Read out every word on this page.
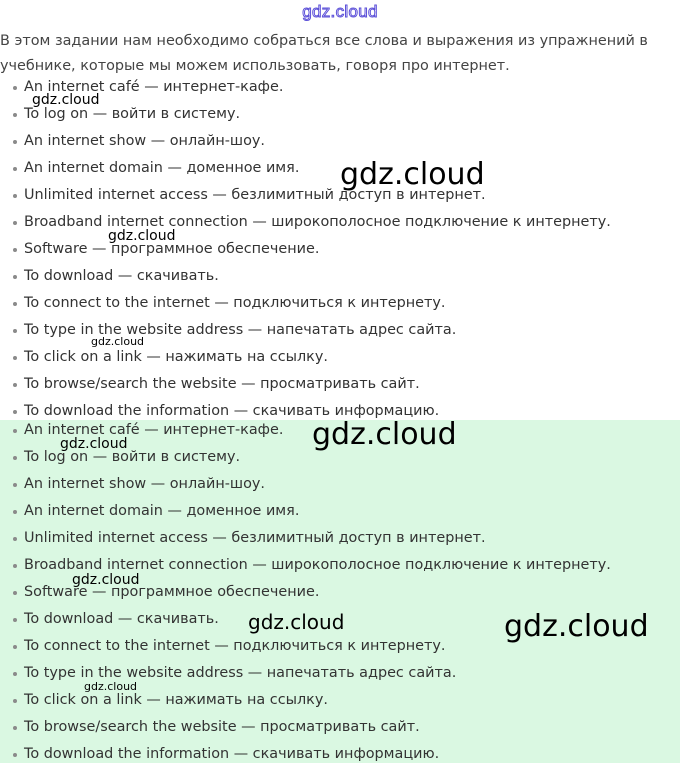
gdz.cloud
В этом задании нам необходимо собраться все слова и выражения из упражнений в учебнике, которые мы можем использовать, говоря про интернет.
An internet café — интернет-кафе.
To log on — войти в систему.
An internet show — онлайн-шоу.
An internet domain — доменное имя.
Unlimited internet access — безлимитный доступ в интернет.
Broadband internet connection — широкополосное подключение к интернету.
Software — программное обеспечение.
To download — скачивать.
To connect to the internet — подключиться к интернету.
To type in the website address — напечатать адрес сайта.
To click on a link — нажимать на ссылку.
To browse/search the website — просматривать сайт.
To download the information — скачивать информацию.
An internet café — интернет-кафе.
To log on — войти в систему.
An internet show — онлайн-шоу.
An internet domain — доменное имя.
Unlimited internet access — безлимитный доступ в интернет.
Broadband internet connection — широкополосное подключение к интернету.
Software — программное обеспечение.
To download — скачивать.
To connect to the internet — подключиться к интернету.
To type in the website address — напечатать адрес сайта.
To click on a link — нажимать на ссылку.
To browse/search the website — просматривать сайт.
To download the information — скачивать информацию.
gdz.cloud
gdz.cloud
gdz.cloud
gdz.cloud
gdz.cloud
gdz.cloud
gdz.cloud
gdz.cloud	gdz.cloud
gdz.cloud
